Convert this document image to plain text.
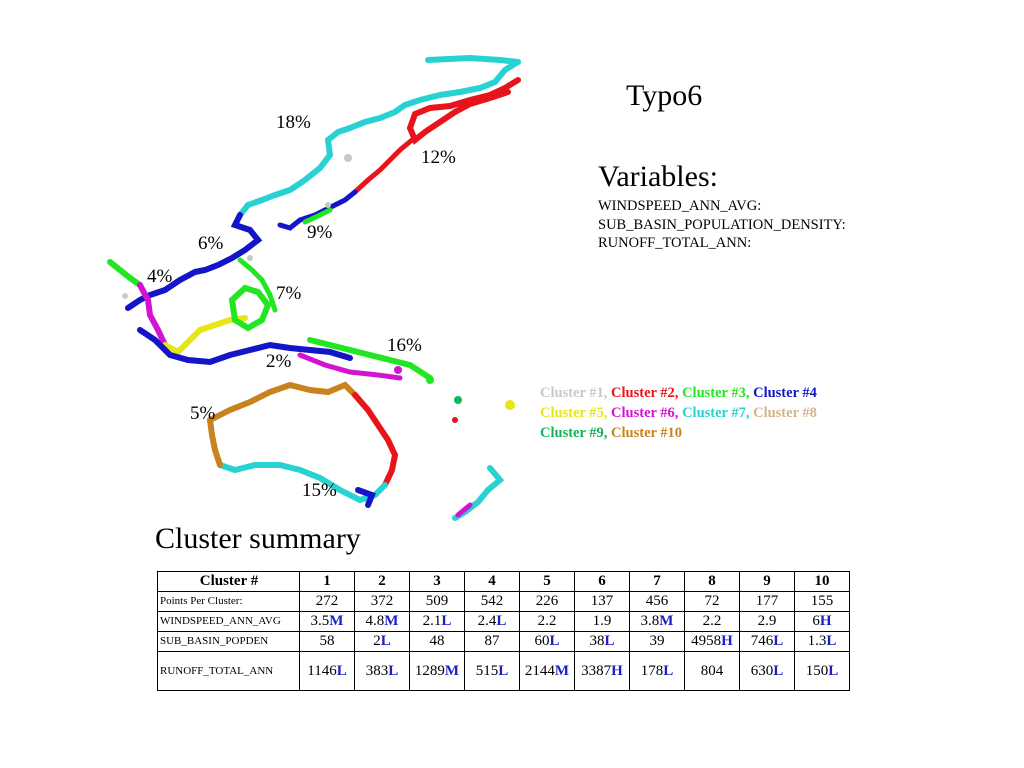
18%
12%
9%
6%
4%
7%
16%
2%
5%
15%
Typo6
Variables:
WINDSPEED_ANN_AVG:
SUB_BASIN_POPULATION_DENSITY:
RUNOFF_TOTAL_ANN:
Cluster #1, Cluster #2, Cluster #3, Cluster #4
Cluster #5, Cluster #6, Cluster #7, Cluster #8
Cluster #9, Cluster #10
Cluster summary
Cluster #	1	2	3	4	5	6	7	8	9	10
Points Per Cluster:	272	372	509	542	226	137	456	72	177	155
WINDSPEED_ANN_AVG	3.5M	4.8M	2.1L	2.4L	2.2	1.9	3.8M	2.2	2.9	6H
SUB_BASIN_POPDEN	58	2L	48	87	60L	38L	39	4958H	746L	1.3L
RUNOFF_TOTAL_ANN	1146L	383L	1289M	515L	2144M	3387H	178L	804	630L	150L
